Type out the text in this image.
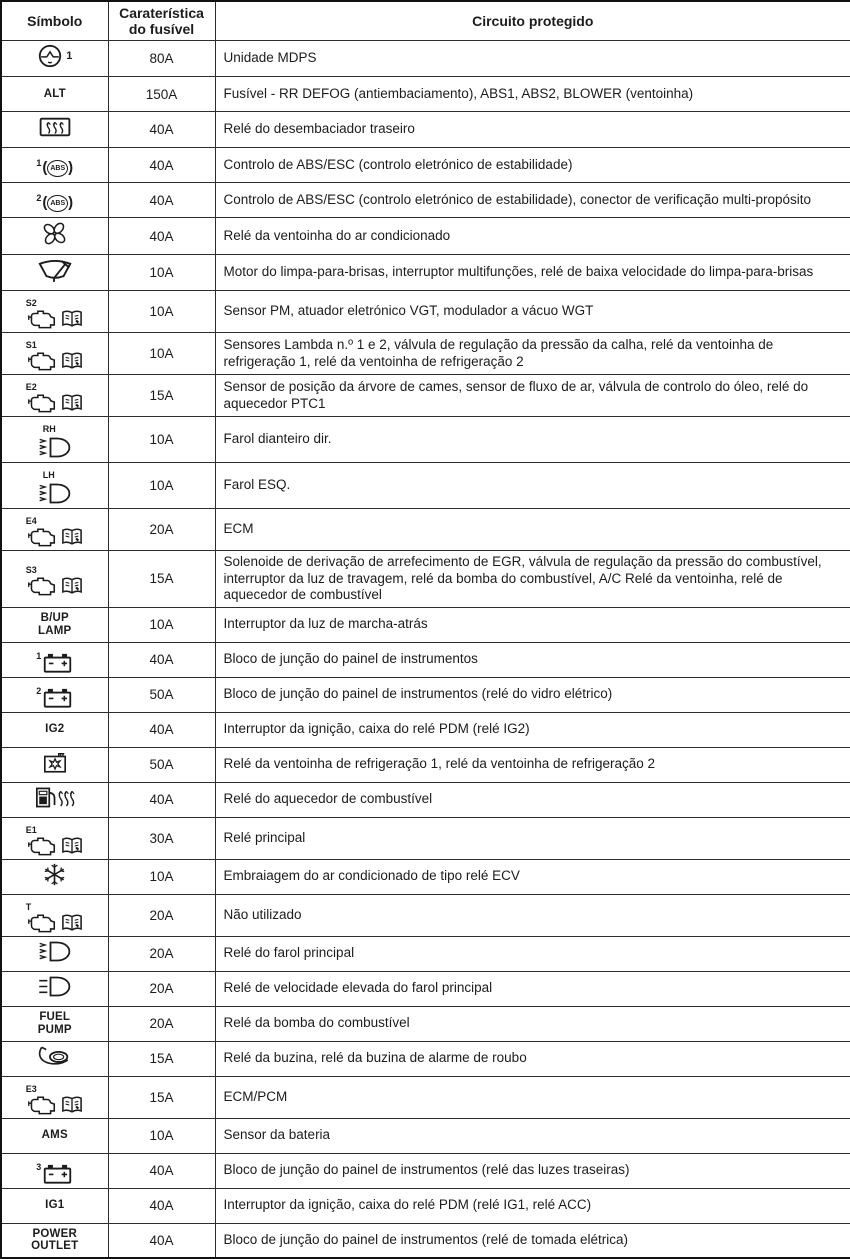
Símbolo	Caraterística do fusível	Circuito protegido

1	80A	Unidade MDPS

ALT	150A	Fusível - RR DEFOG (antiembaciamento), ABS1, ABS2, BLOWER (ventoinha)

	40A	Relé do desembaciador traseiro

1 ( ABS )	40A	Controlo de ABS/ESC (controlo eletrónico de estabilidade)

2 ( ABS )	40A	Controlo de ABS/ESC (controlo eletrónico de estabilidade), conector de verificação multi-propósito

	40A	Relé da ventoinha do ar condicionado

	10A	Motor do limpa-para-brisas, interruptor multifunções, relé de baixa velocidade do limpa-para-brisas

S2	10A	Sensor PM, atuador eletrónico VGT, modulador a vácuo WGT

S1	10A	Sensores Lambda n.º 1 e 2, válvula de regulação da pressão da calha, relé da ventoinha de refrigeração 1, relé da ventoinha de refrigeração 2

E2	15A	Sensor de posição da árvore de cames, sensor de fluxo de ar, válvula de controlo do óleo, relé do aquecedor PTC1

RH	10A	Farol dianteiro dir.

LH	10A	Farol ESQ.

E4	20A	ECM

S3	15A	Solenoide de derivação de arrefecimento de EGR, válvula de regulação da pressão do combustível, interruptor da luz de travagem, relé da bomba do combustível, A/C Relé da ventoinha, relé de aquecedor de combustível

B/UP
LAMP	10A	Interruptor da luz de marcha-atrás

1	40A	Bloco de junção do painel de instrumentos

2	50A	Bloco de junção do painel de instrumentos (relé do vidro elétrico)

IG2	40A	Interruptor da ignição, caixa do relé PDM (relé IG2)

	50A	Relé da ventoinha de refrigeração 1, relé da ventoinha de refrigeração 2

	40A	Relé do aquecedor de combustível

E1	30A	Relé principal

	10A	Embraiagem do ar condicionado de tipo relé ECV

T	20A	Não utilizado

	20A	Relé do farol principal

	20A	Relé de velocidade elevada do farol principal

FUEL
PUMP	20A	Relé da bomba do combustível

	15A	Relé da buzina, relé da buzina de alarme de roubo

E3	15A	ECM/PCM

AMS	10A	Sensor da bateria

3	40A	Bloco de junção do painel de instrumentos (relé das luzes traseiras)

IG1	40A	Interruptor da ignição, caixa do relé PDM (relé IG1, relé ACC)

POWER
OUTLET	40A	Bloco de junção do painel de instrumentos (relé de tomada elétrica)
